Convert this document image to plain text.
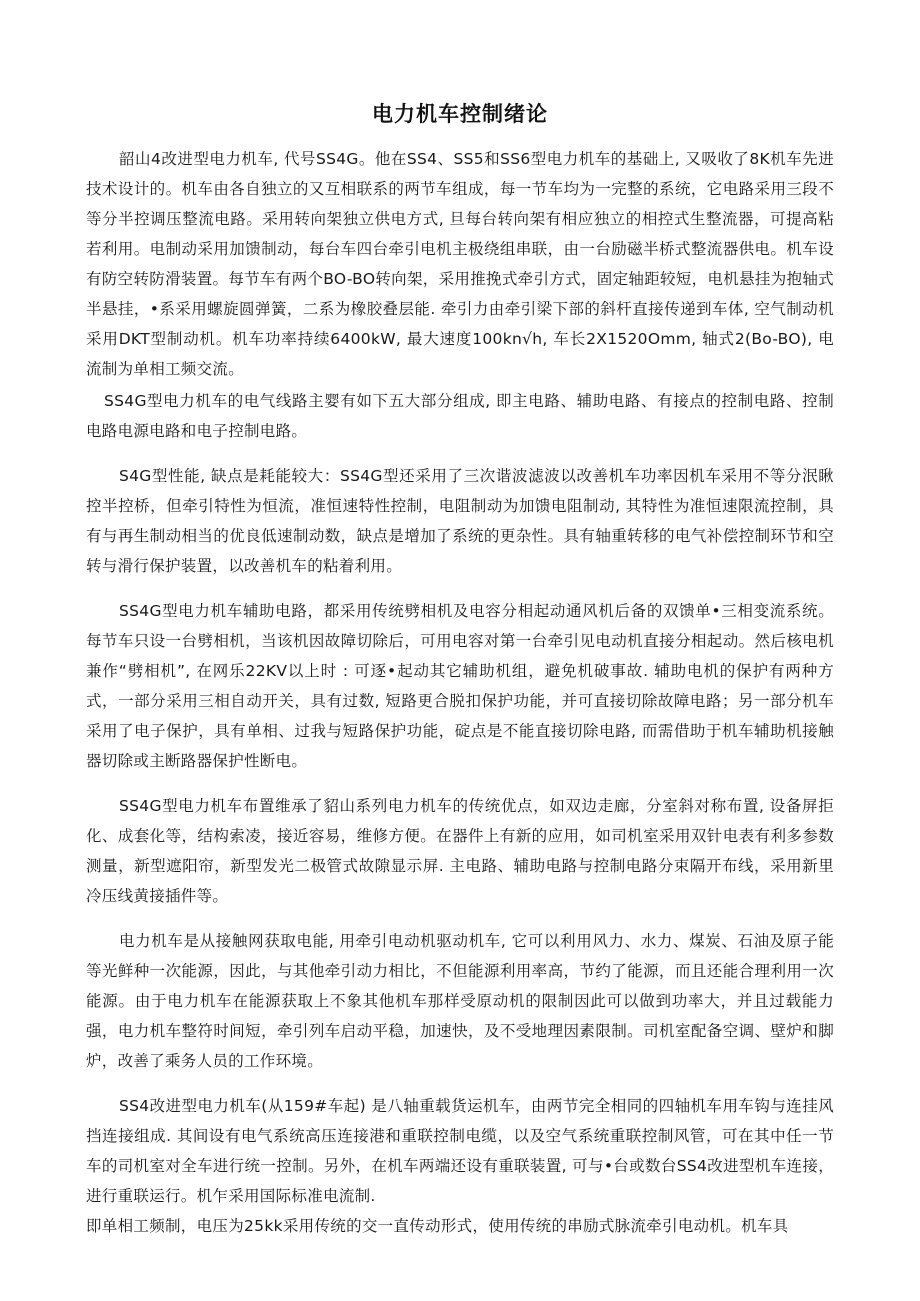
电力机车控制绪论

韶山4改进型电力机车, 代号SS4G。他在SS4、SS5和SS6型电力机车的基础上, 又吸收了8K机车先进技术设计的。机车由各自独立的又互相联系的两节车组成，每一节车均为一完整的系统，它电路采用三段不等分半控调压整流电路。采用转向架独立供电方式, 旦每台转向架有相应独立的相控式生整流器，可提高粘若利用。电制动采用加馈制动，每台车四台牵引电机主极绕组串联，由一台励磁半桥式整流器供电。机车设有防空转防滑装置。每节车有两个BO-BO转向架，采用推挽式牵引方式，固定轴距较短，电机悬挂为抱轴式半悬挂，•系采用螺旋圆弹簧，二系为橡胶叠层能. 牵引力由牵引梁下部的斜杆直接传递到车体, 空气制动机采用DKT型制动机。机车功率持续6400kW, 最大速度100kn√h, 车长2X1520Omm, 轴式2(Bo-BO), 电流制为单相工频交流。

SS4G型电力机车的电气线路主婴有如下五大部分组成, 即主电路、辅助电路、有接点的控制电路、控制电路电源电路和电子控制电路。

S4G型性能, 缺点是耗能较大：SS4G型还采用了三次谐波滤波以改善机车功率因机车采用不等分泯瞅控半控桥，但牵引特性为恒流，准恒速特性控制，电阻制动为加馈电阻制动, 其特性为准恒速限流控制，具有与再生制动相当的优良低速制动数，缺点是增加了系统的更杂性。具有轴重转移的电气补偿控制环节和空转与滑行保护装置，以改善机车的粘着利用。

SS4G型电力机车辅助电路，都采用传统劈相机及电容分相起动通风机后备的双馈单•三相变流系统。每节车只设一台劈相机，当该机因故障切除后，可用电容对第一台牵引见电动机直接分相起动。然后核电机兼作“劈相机”, 在网乐22KV以上时 : 可逐•起动其它辅助机组，避免机破事故. 辅助电机的保护有两种方式，一部分采用三相自动开关，具有过数, 短路更合脱扣保护功能，并可直接切除故障电路；另一部分机车采用了电子保护，具有单相、过我与短路保护功能，碇点是不能直接切除电路, 而需借助于机车辅助机接触器切除或主断路器保护性断电。

SS4G型电力机车布置维承了貂山系列电力机车的传统优点，如双边走廊，分室斜对称布置, 设备屏拒化、成套化等，结构索凌，接近容易，维修方便。在器件上有新的应用，如司机室采用双针电表有利多参数测量，新型遮阳帘，新型发光二极管式故隙显示屏. 主电路、辅助电路与控制电路分束隔开布线，采用新里冷压线黄接插件等。

电力机车是从接触网获取电能, 用牵引电动机驱动机车, 它可以利用风力、水力、煤炭、石油及原子能等光鲜种一次能源，因此，与其他牵引动力相比，不但能源利用率高，节约了能源，而且还能合理利用一次能源。由于电力机车在能源获取上不象其他机车那样受原动机的限制因此可以做到功率大，并且过载能力强，电力机车整符时间短，牵引列车启动平稳，加速快，及不受地理因素限制。司机室配备空调、壁炉和脚炉，改善了乘务人员的工作环境。

SS4改进型电力机车(从159#车起) 是八轴重载货运机车，由两节完全相同的四轴机车用车钩与连挂风挡连接组成. 其间设有电气系统高压连接港和重联控制电缆，以及空气系统重联控制风管，可在其中任一节车的司机室对全车进行统一控制。另外，在机车两端还设有重联装置, 可与•台或数台SS4改进型机车连接，进行重联运行。机乍采用国际标准电流制.

即单相工频制，电压为25kk采用传统的交一直传动形式，使用传统的串励式脉流牵引电动机。机车具
